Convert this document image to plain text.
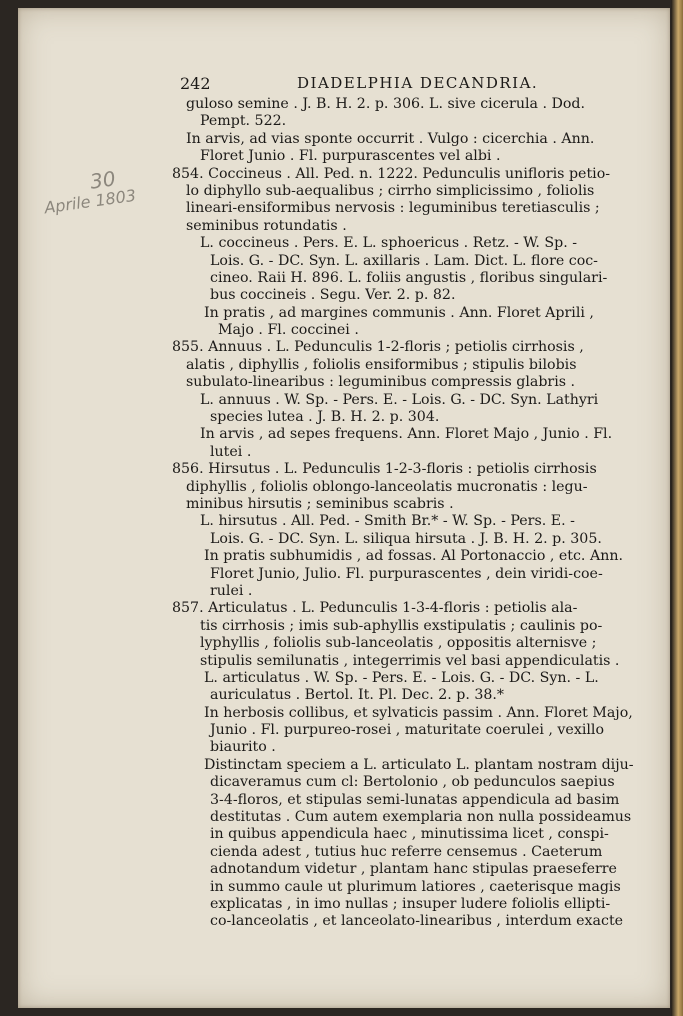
242	DIADELPHIA DECANDRIA.
30
Aprile 1803
guloso semine . J. B. H. 2. p. 306. L. sive cicerula . Dod.
Pempt. 522.
In arvis, ad vias sponte occurrit . Vulgo : cicerchia . Ann.
Floret Junio . Fl. purpurascentes vel albi .
854. Coccineus . All. Ped. n. 1222. Pedunculis unifloris petio-
lo diphyllo sub-aequalibus ; cirrho simplicissimo , foliolis
lineari-ensiformibus nervosis : leguminibus teretiasculis ;
seminibus rotundatis .
L. coccineus . Pers. E. L. sphoericus . Retz. - W. Sp. -
Lois. G. - DC. Syn. L. axillaris . Lam. Dict. L. flore coc-
cineo. Raii H. 896. L. foliis angustis , floribus singulari-
bus coccineis . Segu. Ver. 2. p. 82.
In pratis , ad margines communis . Ann. Floret Aprili ,
Majo . Fl. coccinei .
855. Annuus . L. Pedunculis 1-2-floris ; petiolis cirrhosis ,
alatis , diphyllis , foliolis ensiformibus ; stipulis bilobis
subulato-linearibus : leguminibus compressis glabris .
L. annuus . W. Sp. - Pers. E. - Lois. G. - DC. Syn. Lathyri
species lutea . J. B. H. 2. p. 304.
In arvis , ad sepes frequens. Ann. Floret Majo , Junio . Fl.
lutei .
856. Hirsutus . L. Pedunculis 1-2-3-floris : petiolis cirrhosis
diphyllis , foliolis oblongo-lanceolatis mucronatis : legu-
minibus hirsutis ; seminibus scabris .
L. hirsutus . All. Ped. - Smith Br.* - W. Sp. - Pers. E. -
Lois. G. - DC. Syn. L. siliqua hirsuta . J. B. H. 2. p. 305.
In pratis subhumidis , ad fossas. Al Portonaccio , etc. Ann.
Floret Junio, Julio. Fl. purpurascentes , dein viridi-coe-
rulei .
857. Articulatus . L. Pedunculis 1-3-4-floris : petiolis ala-
tis cirrhosis ; imis sub-aphyllis exstipulatis ; caulinis po-
lyphyllis , foliolis sub-lanceolatis , oppositis alternisve ;
stipulis semilunatis , integerrimis vel basi appendiculatis .
L. articulatus . W. Sp. - Pers. E. - Lois. G. - DC. Syn. - L.
auriculatus . Bertol. It. Pl. Dec. 2. p. 38.*
In herbosis collibus, et sylvaticis passim . Ann. Floret Majo,
Junio . Fl. purpureo-rosei , maturitate coerulei , vexillo
biaurito .
Distinctam speciem a L. articulato L. plantam nostram diju-
dicaveramus cum cl: Bertolonio , ob pedunculos saepius
3-4-floros, et stipulas semi-lunatas appendicula ad basim
destitutas . Cum autem exemplaria non nulla possideamus
in quibus appendicula haec , minutissima licet , conspi-
cienda adest , tutius huc referre censemus . Caeterum
adnotandum videtur , plantam hanc stipulas praeseferre
in summo caule ut plurimum latiores , caeterisque magis
explicatas , in imo nullas ; insuper ludere foliolis ellipti-
co-lanceolatis , et lanceolato-linearibus , interdum exacte
